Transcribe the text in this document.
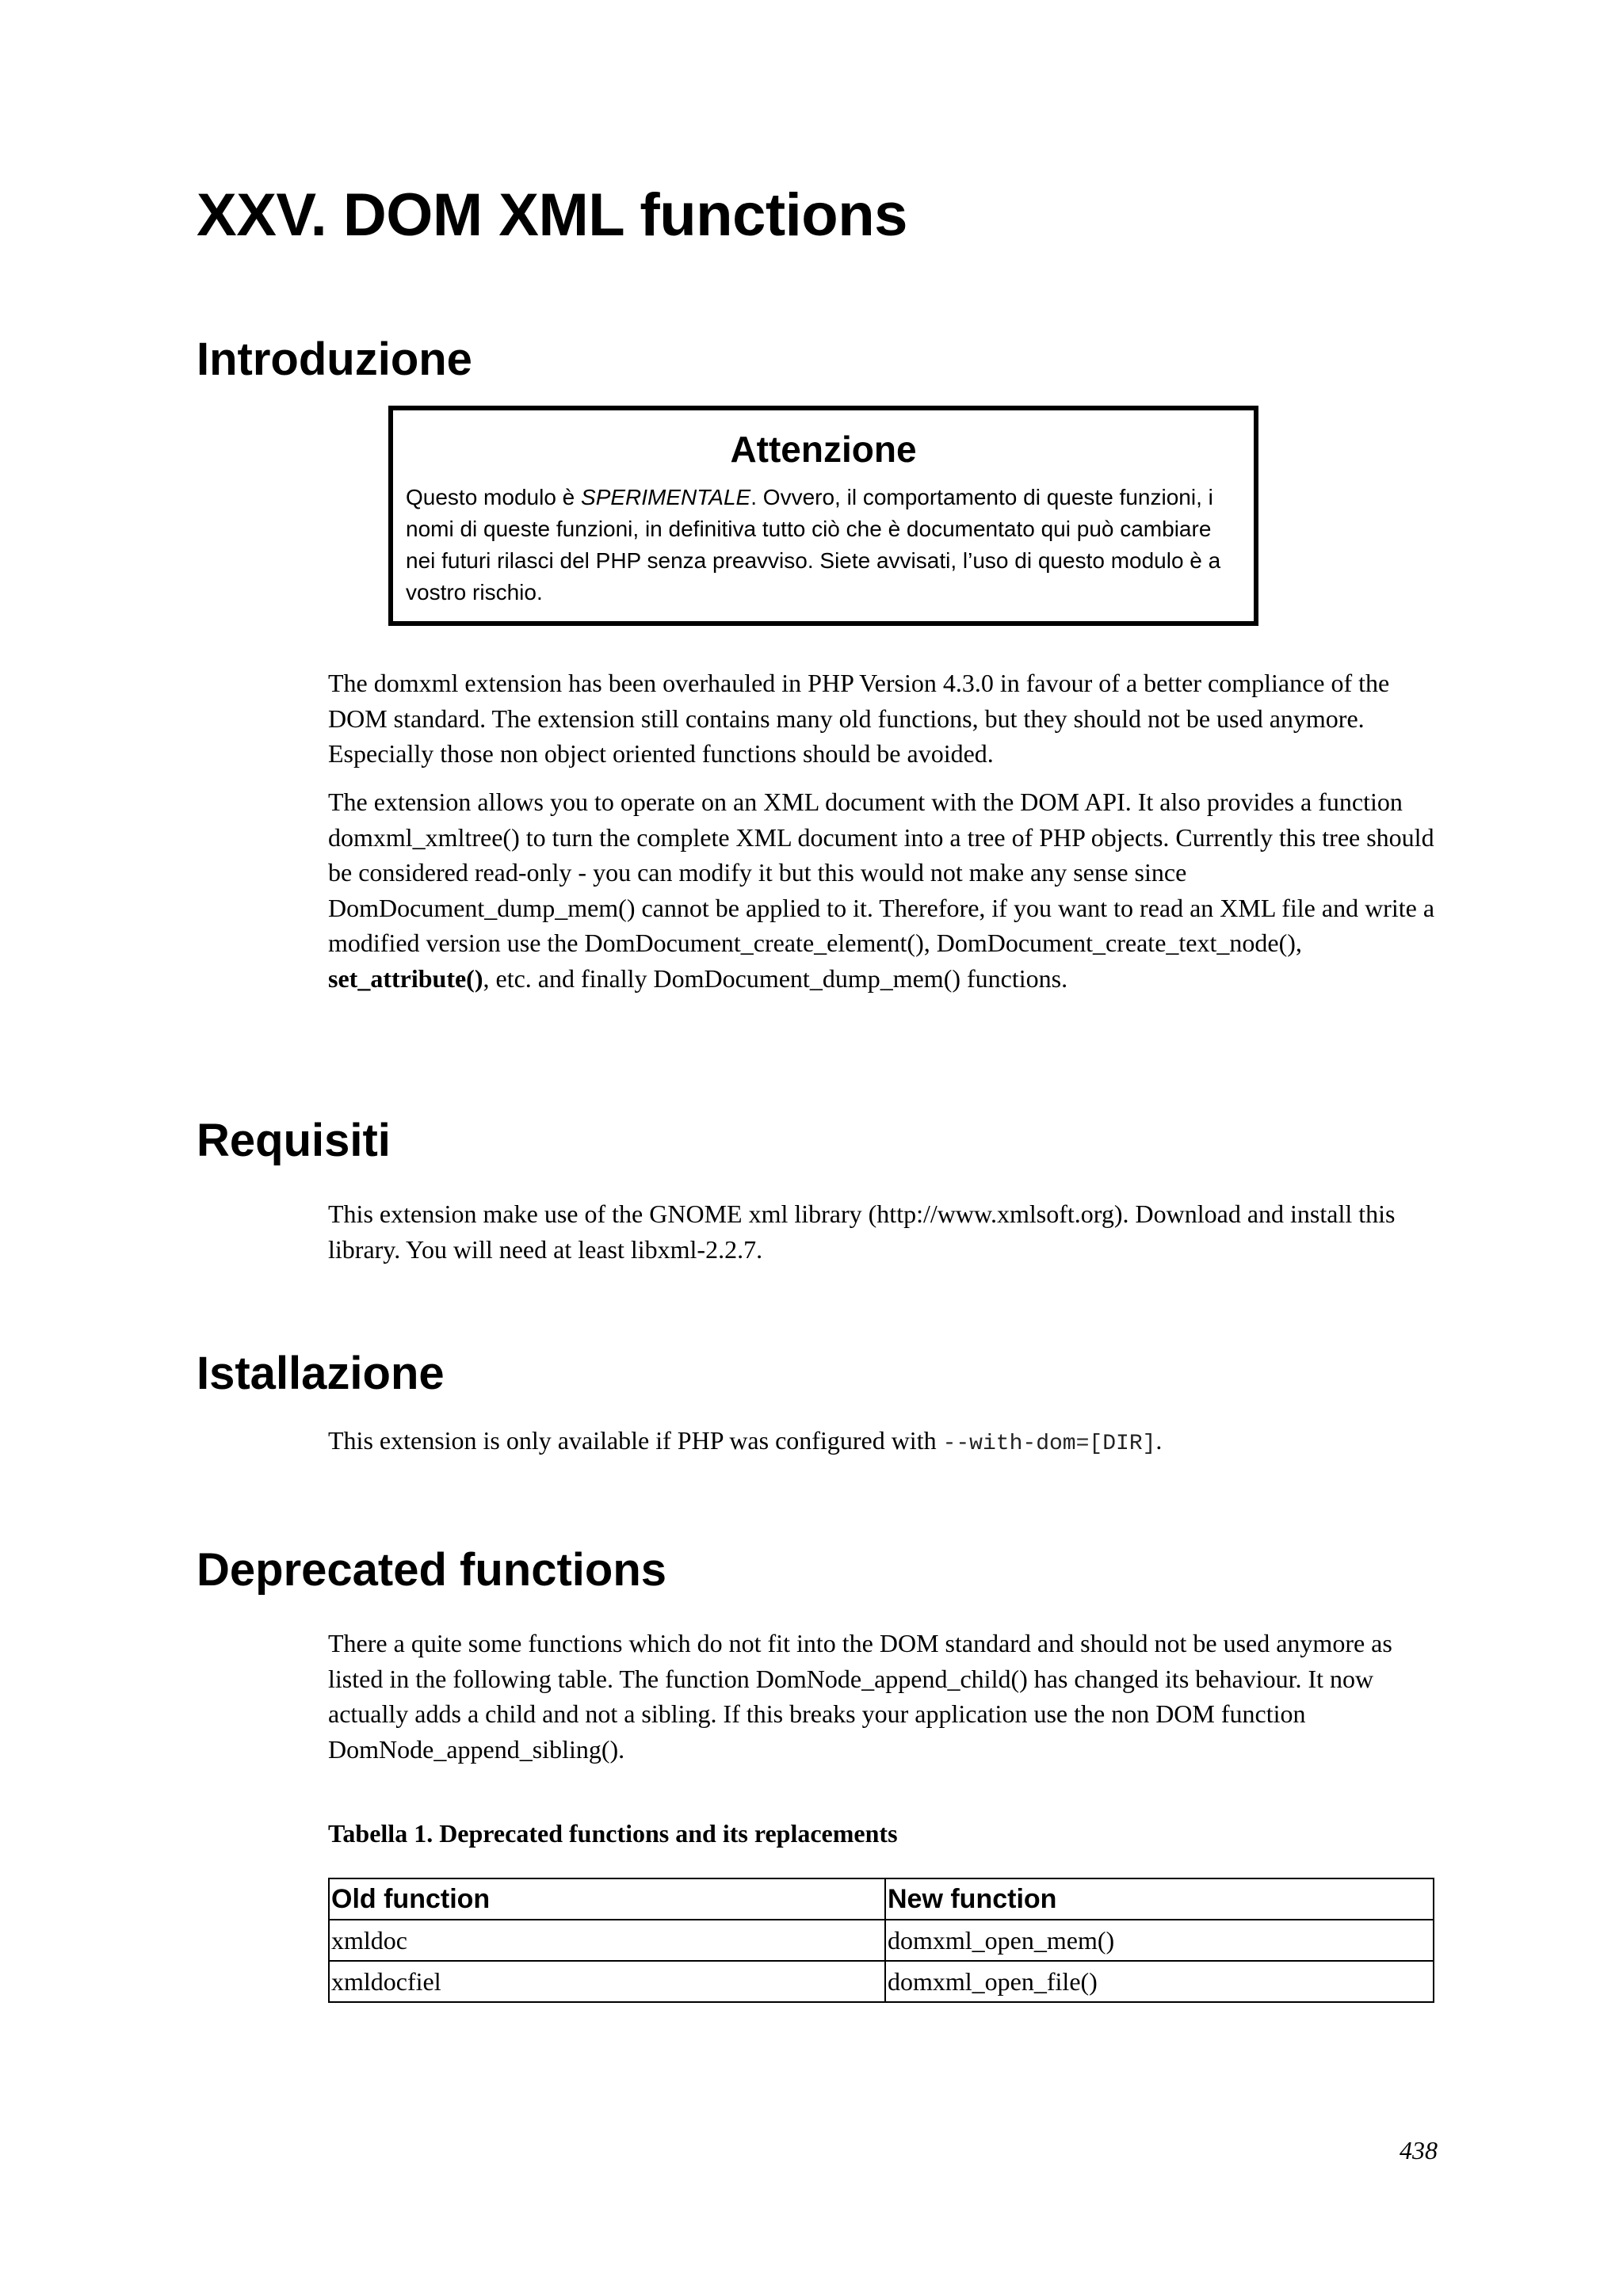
XXV. DOM XML functions
Introduzione
Attenzione
Questo modulo è SPERIMENTALE. Ovvero, il comportamento di queste funzioni, i nomi di queste funzioni, in definitiva tutto ciò che è documentato qui può cambiare nei futuri rilasci del PHP senza preavviso. Siete avvisati, l’uso di questo modulo è a vostro rischio.

The domxml extension has been overhauled in PHP Version 4.3.0 in favour of a better compliance of the DOM standard. The extension still contains many old functions, but they should not be used anymore. Especially those non object oriented functions should be avoided.

The extension allows you to operate on an XML document with the DOM API. It also provides a function domxml_xmltree() to turn the complete XML document into a tree of PHP objects. Currently this tree should be considered read-only - you can modify it but this would not make any sense since DomDocument_dump_mem() cannot be applied to it. Therefore, if you want to read an XML file and write a modified version use the DomDocument_create_element(), DomDocument_create_text_node(), set_attribute(), etc. and finally DomDocument_dump_mem() functions.

Requisiti

This extension make use of the GNOME xml library (http://www.xmlsoft.org). Download and install this library. You will need at least libxml-2.2.7.

Istallazione

This extension is only available if PHP was configured with --with-dom=[DIR].

Deprecated functions

There a quite some functions which do not fit into the DOM standard and should not be used anymore as listed in the following table. The function DomNode_append_child() has changed its behaviour. It now actually adds a child and not a sibling. If this breaks your application use the non DOM function DomNode_append_sibling().

Tabella 1. Deprecated functions and its replacements
Old function	New function
xmldoc	domxml_open_mem()
xmldocfiel	domxml_open_file()
438
